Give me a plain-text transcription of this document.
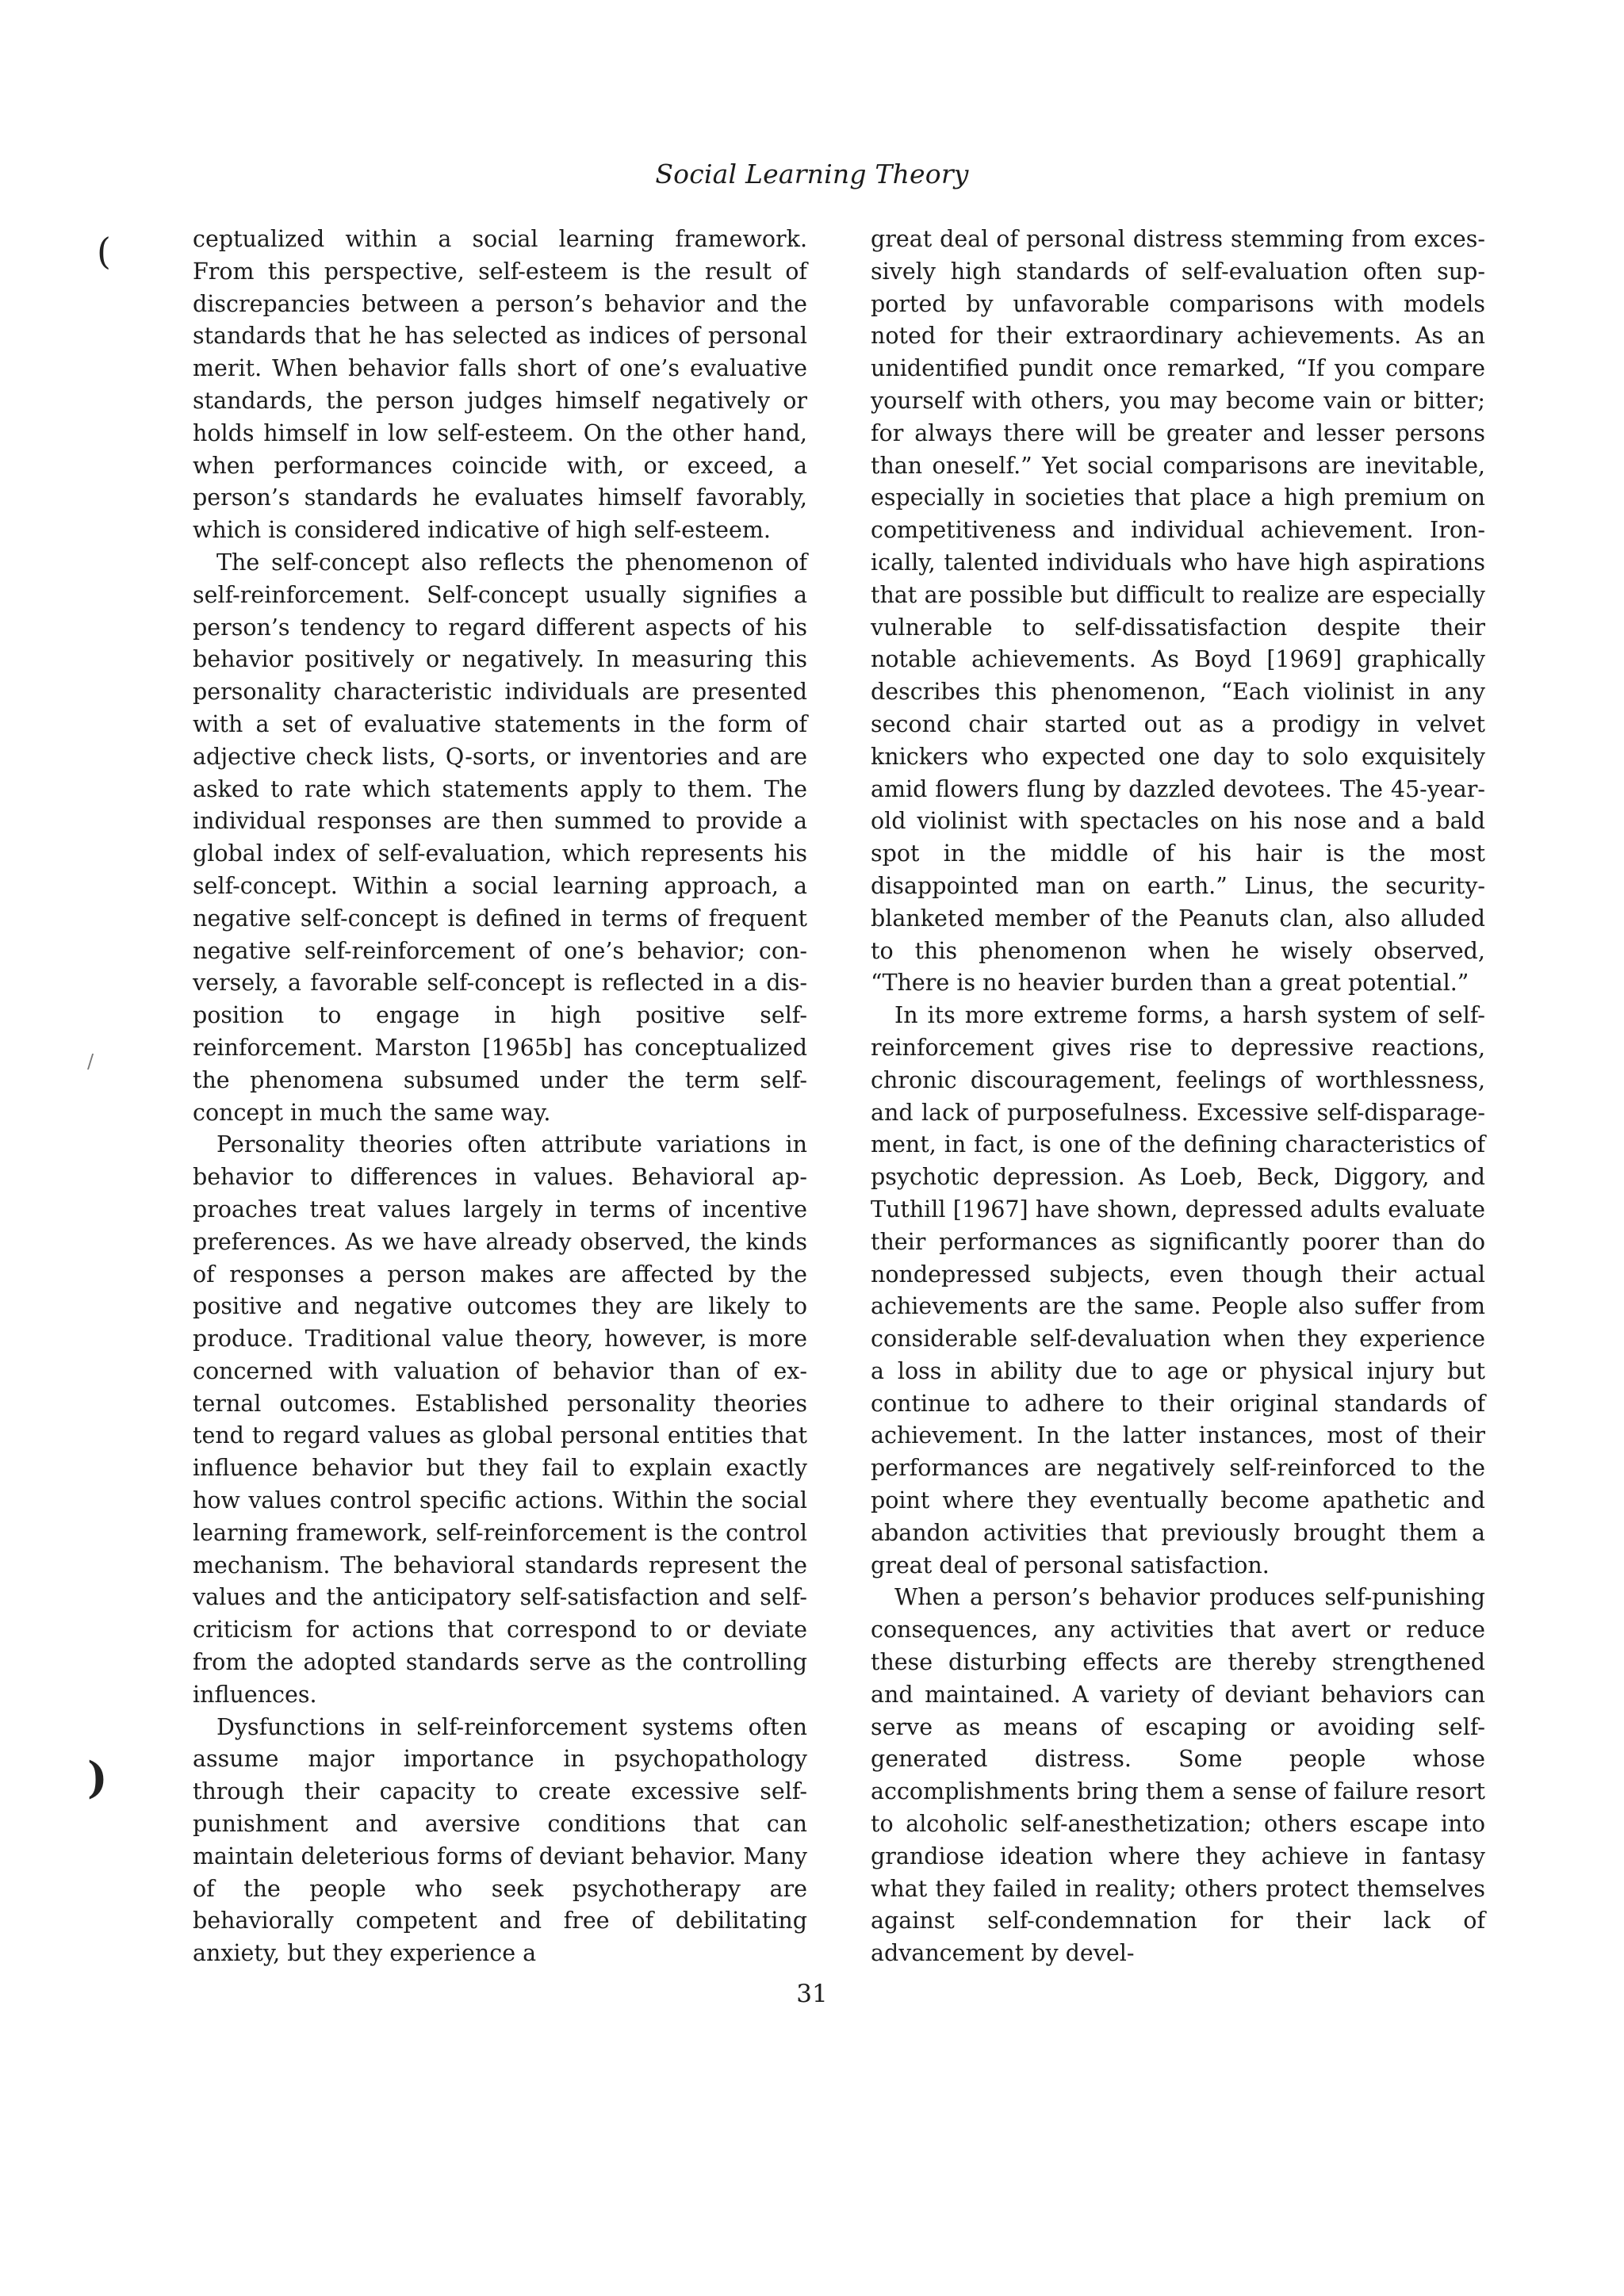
Social Learning Theory
(
/
)

ceptualized within a social learning framework. From this perspective, self-esteem is the result of discrepancies between a person’s behavior and the standards that he has selected as indices of personal merit. When behavior falls short of one’s evaluative standards, the person judges himself negatively or holds himself in low self-esteem. On the other hand, when performances coincide with, or exceed, a person’s standards he evaluates himself favorably, which is considered indicative of high self-esteem.

The self-concept also reflects the phenomenon of self-reinforcement. Self-concept usually signifies a person’s tendency to regard different aspects of his behavior positively or negatively. In measuring this personality characteristic individuals are presented with a set of evaluative statements in the form of adjective check lists, Q-sorts, or inventories and are asked to rate which statements apply to them. The individual responses are then summed to provide a global index of self-evaluation, which represents his self-concept. Within a social learning approach, a negative self-concept is defined in terms of frequent negative self-reinforcement of one’s behavior; conversely, a favorable self-concept is reflected in a disposition to engage in high positive self-reinforcement. Marston [1965b] has conceptualized the phenomena subsumed under the term self-concept in much the same way.

Personality theories often attribute variations in behavior to differences in values. Behavioral approaches treat values largely in terms of incentive preferences. As we have already observed, the kinds of responses a person makes are affected by the positive and negative outcomes they are likely to produce. Traditional value theory, however, is more concerned with valuation of behavior than of external outcomes. Established personality theories tend to regard values as global personal entities that influence behavior but they fail to explain exactly how values control specific actions. Within the social learning framework, self-reinforcement is the control mechanism. The behavioral standards represent the values and the anticipatory self-satisfaction and self-criticism for actions that correspond to or deviate from the adopted standards serve as the controlling influences.

Dysfunctions in self-reinforcement systems often assume major importance in psychopathology through their capacity to create excessive self-punishment and aversive conditions that can maintain deleterious forms of deviant behavior. Many of the people who seek psychotherapy are behaviorally competent and free of debilitating anxiety, but they experience a

great deal of personal distress stemming from excessively high standards of self-evaluation often supported by unfavorable comparisons with models noted for their extraordinary achievements. As an unidentified pundit once remarked, “If you compare yourself with others, you may become vain or bitter; for always there will be greater and lesser persons than oneself.” Yet social comparisons are inevitable, especially in societies that place a high premium on competitiveness and individual achievement. Ironically, talented individuals who have high aspirations that are possible but difficult to realize are especially vulnerable to self-dissatisfaction despite their notable achievements. As Boyd [1969] graphically describes this phenomenon, “Each violinist in any second chair started out as a prodigy in velvet knickers who expected one day to solo exquisitely amid flowers flung by dazzled devotees. The 45-year-old violinist with spectacles on his nose and a bald spot in the middle of his hair is the most disappointed man on earth.” Linus, the security-blanketed member of the Peanuts clan, also alluded to this phenomenon when he wisely observed, “There is no heavier burden than a great potential.”

In its more extreme forms, a harsh system of self-reinforcement gives rise to depressive reactions, chronic discouragement, feelings of worthlessness, and lack of purposefulness. Excessive self-disparagement, in fact, is one of the defining characteristics of psychotic depression. As Loeb, Beck, Diggory, and Tuthill [1967] have shown, depressed adults evaluate their performances as significantly poorer than do nondepressed subjects, even though their actual achievements are the same. People also suffer from considerable self-devaluation when they experience a loss in ability due to age or physical injury but continue to adhere to their original standards of achievement. In the latter instances, most of their performances are negatively self-reinforced to the point where they eventually become apathetic and abandon activities that previously brought them a great deal of personal satisfaction.

When a person’s behavior produces self-punishing consequences, any activities that avert or reduce these disturbing effects are thereby strengthened and maintained. A variety of deviant behaviors can serve as means of escaping or avoiding self-generated distress. Some people whose accomplishments bring them a sense of failure resort to alcoholic self-anesthetization; others escape into grandiose ideation where they achieve in fantasy what they failed in reality; others protect themselves against self-condemnation for their lack of advancement by devel-

31
